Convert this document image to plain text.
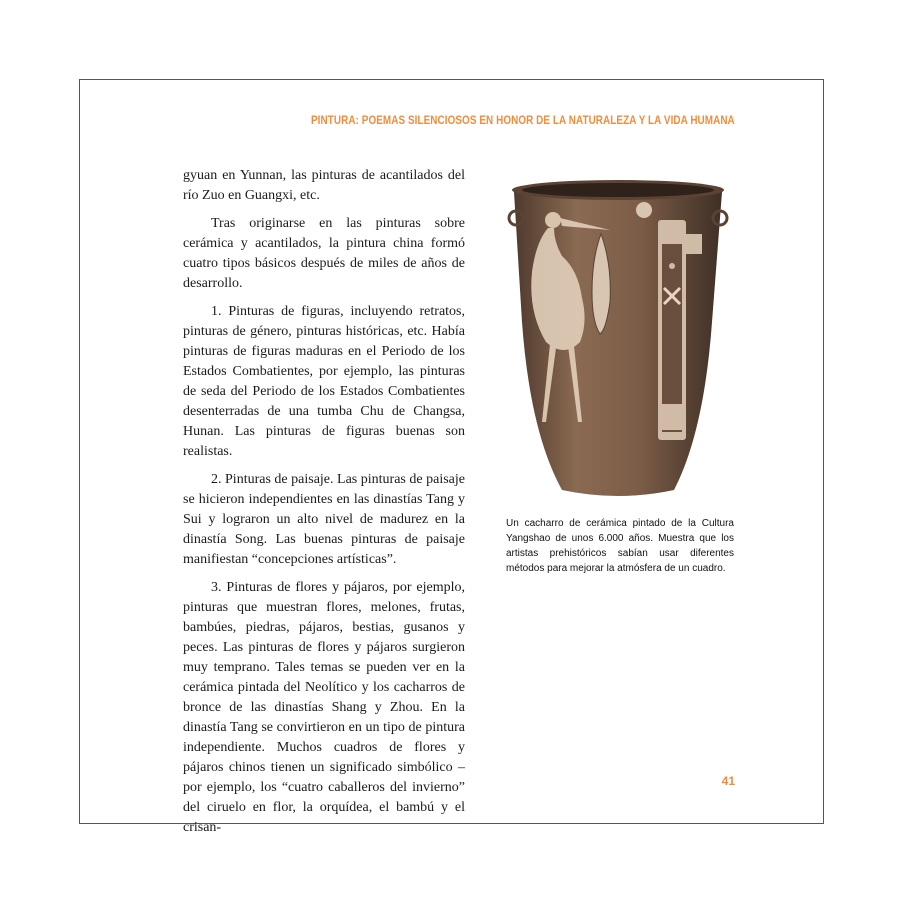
PINTURA: POEMAS SILENCIOSOS EN HONOR DE LA NATURALEZA Y LA VIDA HUMANA

gyuan en Yunnan, las pinturas de acantilados del río Zuo en Guangxi, etc.

Tras originarse en las pinturas sobre cerámica y acantilados, la pintura china formó cuatro tipos básicos después de miles de años de desarrollo.

1. Pinturas de figuras, incluyendo retratos, pinturas de género, pinturas históricas, etc. Había pinturas de figuras maduras en el Periodo de los Estados Combatientes, por ejemplo, las pinturas de seda del Periodo de los Estados Combatientes desenterradas de una tumba Chu de Changsa, Hunan. Las pinturas de figuras buenas son realistas.

2. Pinturas de paisaje. Las pinturas de paisaje se hicieron independientes en las dinastías Tang y Sui y lograron un alto nivel de madurez en la dinastía Song. Las buenas pinturas de paisaje manifiestan “concepciones artísticas”.

3. Pinturas de flores y pájaros, por ejemplo, pinturas que muestran flores, melones, frutas, bambúes, piedras, pájaros, bestias, gusanos y peces. Las pinturas de flores y pájaros surgieron muy temprano. Tales temas se pueden ver en la cerámica pintada del Neolítico y los cacharros de bronce de las dinastías Shang y Zhou. En la dinastía Tang se convirtieron en un tipo de pintura independiente. Muchos cuadros de flores y pájaros chinos tienen un significado simbólico –por ejemplo, los “cuatro caballeros del invierno” del ciruelo en flor, la orquídea, el bambú y el crisan-

Un cacharro de cerámica pintado de la Cultura Yangshao de unos 6.000 años. Muestra que los artistas prehistóricos sabían usar diferentes métodos para mejorar la atmósfera de un cuadro.
41
